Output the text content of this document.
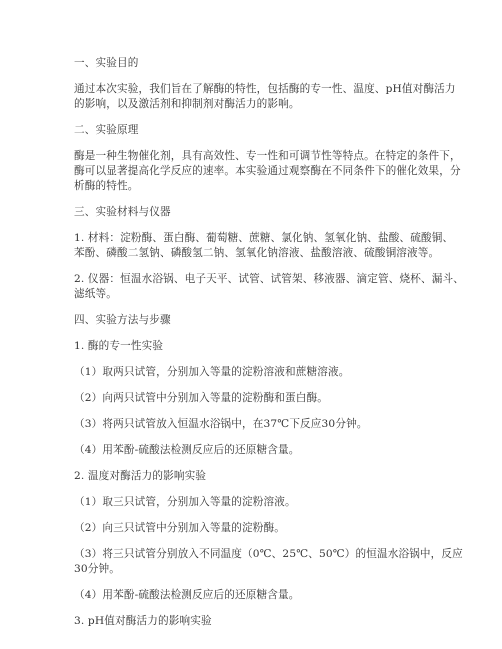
一、实验目的
通过本次实验，我们旨在了解酶的特性，包括酶的专一性、温度、pH值对酶活力
的影响，以及激活剂和抑制剂对酶活力的影响。
二、实验原理
酶是一种生物催化剂，具有高效性、专一性和可调节性等特点。在特定的条件下，
酶可以显著提高化学反应的速率。本实验通过观察酶在不同条件下的催化效果，分
析酶的特性。
三、实验材料与仪器
1. 材料：淀粉酶、蛋白酶、葡萄糖、蔗糖、氯化钠、氢氧化钠、盐酸、硫酸铜、
苯酚、磷酸二氢钠、磷酸氢二钠、氢氧化钠溶液、盐酸溶液、硫酸铜溶液等。
2. 仪器：恒温水浴锅、电子天平、试管、试管架、移液器、滴定管、烧杯、漏斗、
滤纸等。
四、实验方法与步骤
1. 酶的专一性实验
（1）取两只试管，分别加入等量的淀粉溶液和蔗糖溶液。
（2）向两只试管中分别加入等量的淀粉酶和蛋白酶。
（3）将两只试管放入恒温水浴锅中，在37℃下反应30分钟。
（4）用苯酚-硫酸法检测反应后的还原糖含量。
2. 温度对酶活力的影响实验
（1）取三只试管，分别加入等量的淀粉溶液。
（2）向三只试管中分别加入等量的淀粉酶。
（3）将三只试管分别放入不同温度（0℃、25℃、50℃）的恒温水浴锅中，反应
30分钟。
（4）用苯酚-硫酸法检测反应后的还原糖含量。
3. pH值对酶活力的影响实验
